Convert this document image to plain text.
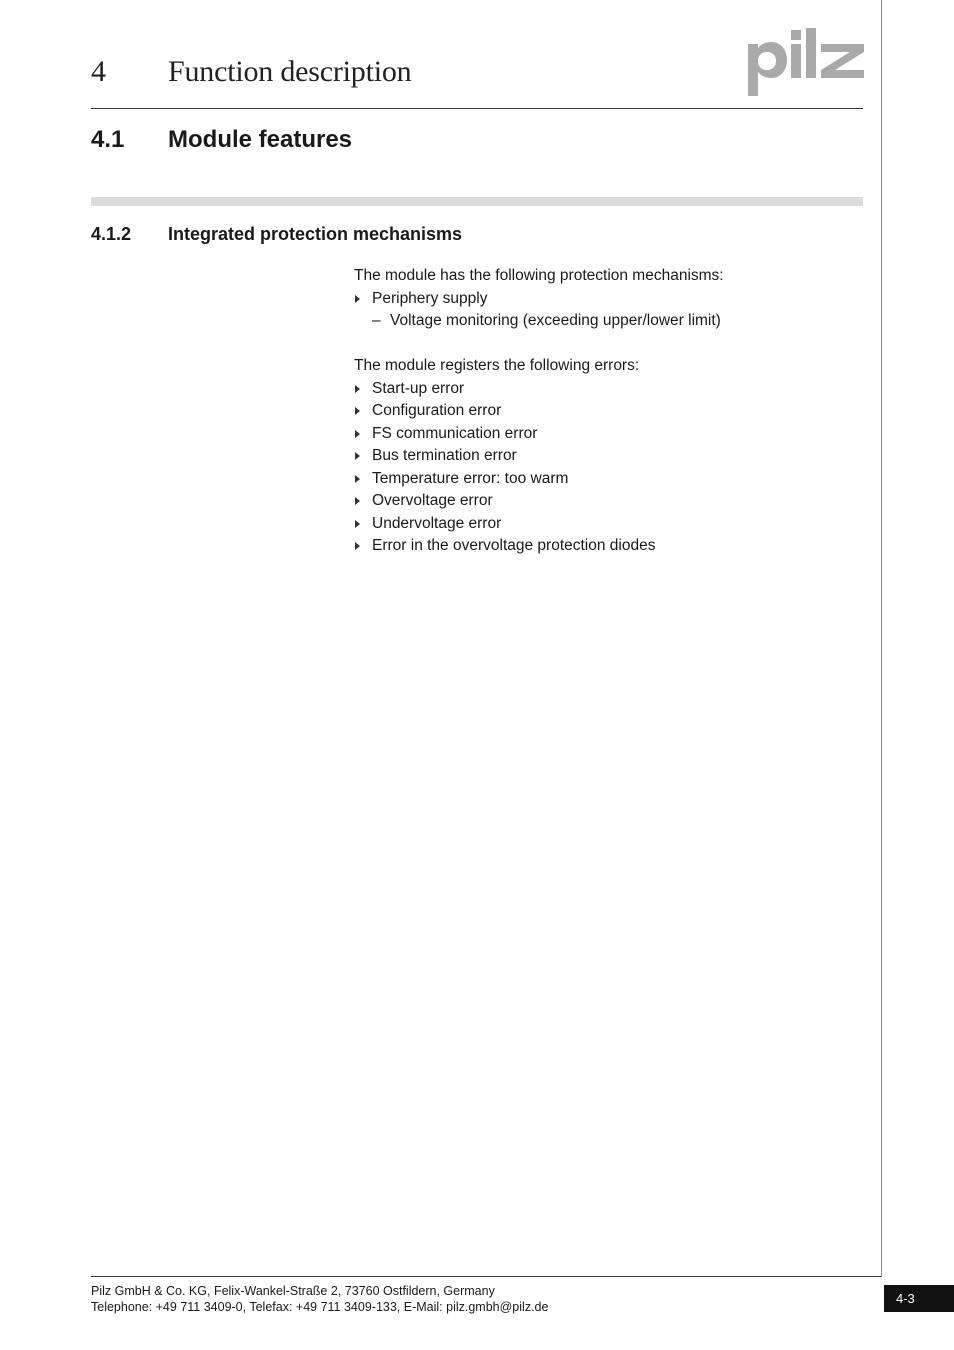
4 Function description
4.1 Module features
4.1.2 Integrated protection mechanisms

The module has the following protection mechanisms:

Periphery supply
– Voltage monitoring (exceeding upper/lower limit)

The module registers the following errors:

Start-up error
Configuration error
FS communication error
Bus termination error
Temperature error: too warm
Overvoltage error
Undervoltage error
Error in the overvoltage protection diodes
Pilz GmbH & Co. KG, Felix-Wankel-Straße 2, 73760 Ostfildern, Germany
Telephone: +49 711 3409-0, Telefax: +49 711 3409-133, E-Mail: pilz.gmbh@pilz.de
4-3
